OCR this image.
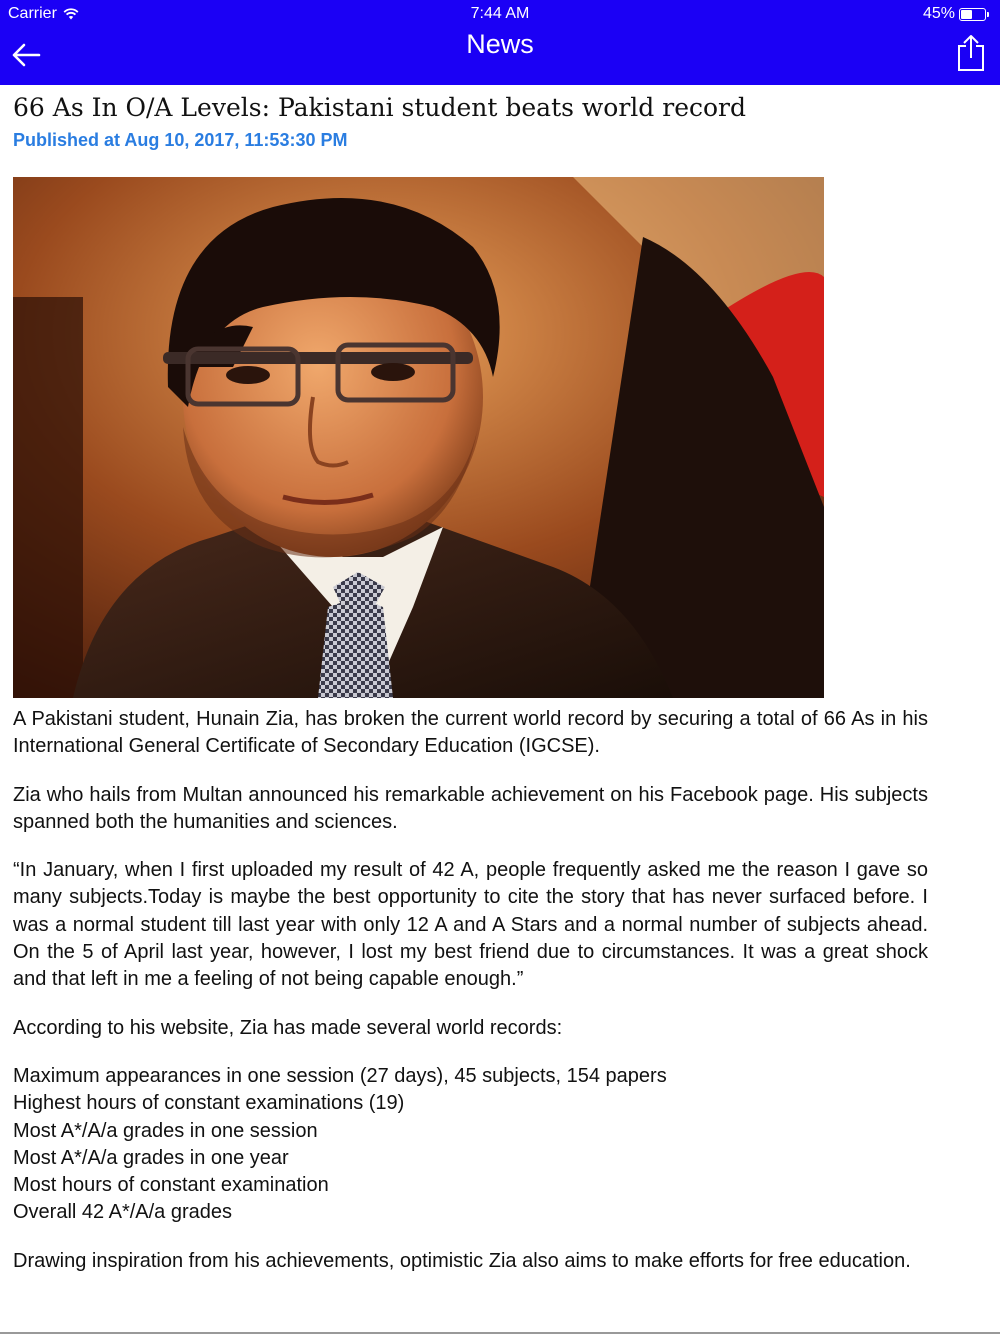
Carrier	7:44 AM	45%
News
66 As In O/A Levels: Pakistani student beats world record
Published at Aug 10, 2017, 11:53:30 PM

A Pakistani student, Hunain Zia, has broken the current world record by securing a total of 66 As in his International General Certificate of Secondary Education (IGCSE).

Zia who hails from Multan announced his remarkable achievement on his Facebook page. His subjects spanned both the humanities and sciences.

“In January, when I first uploaded my result of 42 A, people frequently asked me the reason I gave so many subjects.Today is maybe the best opportunity to cite the story that has never surfaced before. I was a normal student till last year with only 12 A and A Stars and a normal number of subjects ahead. On the 5 of April last year, however, I lost my best friend due to circumstances. It was a great shock and that left in me a feeling of not being capable enough.”

According to his website, Zia has made several world records:

Maximum appearances in one session (27 days), 45 subjects, 154 papers
Highest hours of constant examinations (19)
Most A*/A/a grades in one session
Most A*/A/a grades in one year
Most hours of constant examination
Overall 42 A*/A/a grades

Drawing inspiration from his achievements, optimistic Zia also aims to make efforts for free education.
